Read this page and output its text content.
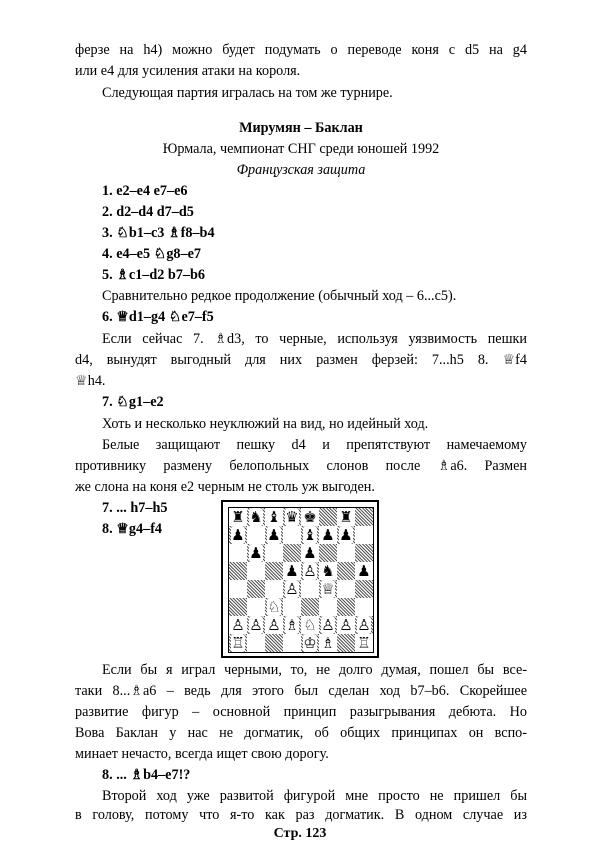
ферзе на h4) можно будет подумать о переводе коня с d5 на g4
или е4 для усиления атаки на короля.
Следующая партия игралась на том же турнире.
Мирумян – Баклан
Юрмала, чемпионат СНГ среди юношей 1992
Французская защита
1. e2–e4 e7–e6
2. d2–d4 d7–d5
3. ♘b1–c3 ♗f8–b4
4. e4–e5 ♘g8–e7
5. ♗c1–d2 b7–b6
Сравнительно редкое продолжение (обычный ход – 6...c5).
6. ♕d1–g4 ♘e7–f5
Если сейчас 7. ♗d3, то черные, используя уязвимость пешки
d4, вынудят выгодный для них размен ферзей: 7...h5 8. ♕f4
♕h4.
7. ♘g1–e2
Хоть и несколько неуклюжий на вид, но идейный ход.
Белые защищают пешку d4 и препятствуют намечаемому
противнику размену белопольных слонов после ♗a6. Размен
же слона на коня e2 черным не столь уж выгоден.
7. ... h7–h5
8. ♕g4–f4
♜ ♞ ♝ ♛ ♚ ♜
♟ ♟ ♝ ♟ ♟
♟	♟
♟ ♙ ♞ ♟
♙ ♕
♘
♙ ♙ ♙ ♗ ♘ ♙ ♙ ♙
♖	♔ ♗ ♖
Если бы я играл черными, то, не долго думая, пошел бы все-
таки 8...♗a6 – ведь для этого был сделан ход b7–b6. Скорейшее
развитие фигур – основной принцип разыгрывания дебюта. Но
Вова Баклан у нас не догматик, об общих принципах он вспо-
минает нечасто, всегда ищет свою дорогу.
8. ... ♗b4–e7!?
Второй ход уже развитой фигурой мне просто не пришел бы
в голову, потому что я-то как раз догматик. В одном случае из
Стр. 123
